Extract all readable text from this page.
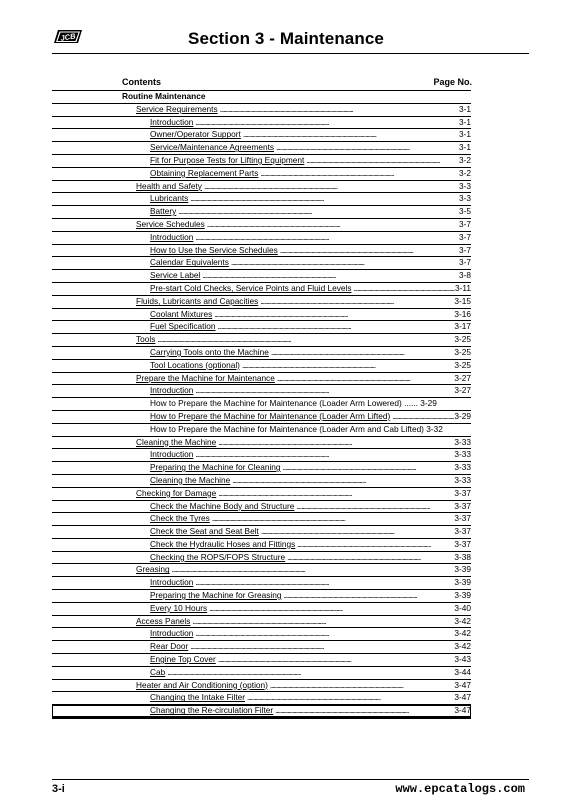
JCB	Section 3 - Maintenance
Contents	Page No.
Routine Maintenance
Service Requirements . . .	3-1
Introduction . . .	3-1
Owner/Operator Support . . .	3-1
Service/Maintenance Agreements . . .	3-1
Fit for Purpose Tests for Lifting Equipment . . .	3-2
Obtaining Replacement Parts . . .	3-2
Health and Safety . . .	3-3
Lubricants . . .	3-3
Battery . . .	3-5
Service Schedules . . .	3-7
Introduction . . .	3-7
How to Use the Service Schedules . . .	3-7
Calendar Equivalents . . .	3-7
Service Label . . .	3-8
Pre-start Cold Checks, Service Points and Fluid Levels . . .	3-11
Fluids, Lubricants and Capacities . . .	3-15
Coolant Mixtures . . .	3-16
Fuel Specification . . .	3-17
Tools . . .	3-25
Carrying Tools onto the Machine . . .	3-25
Tool Locations (optional) . . .	3-25
Prepare the Machine for Maintenance . . .	3-27
Introduction . . .	3-27
How to Prepare the Machine for Maintenance (Loader Arm Lowered) ...... 3-29
How to Prepare the Machine for Maintenance (Loader Arm Lifted) . . .	3-29
How to Prepare the Machine for Maintenance (Loader Arm and Cab Lifted) 3-32
Cleaning the Machine . . .	3-33
Introduction . . .	3-33
Preparing the Machine for Cleaning . . .	3-33
Cleaning the Machine . . .	3-33
Checking for Damage . . .	3-37
Check the Machine Body and Structure . . .	3-37
Check the Tyres . . .	3-37
Check the Seat and Seat Belt . . .	3-37
Check the Hydraulic Hoses and Fittings . . .	3-37
Checking the ROPS/FOPS Structure . . .	3-38
Greasing . . .	3-39
Introduction . . .	3-39
Preparing the Machine for Greasing . . .	3-39
Every 10 Hours . . .	3-40
Access Panels . . .	3-42
Introduction . . .	3-42
Rear Door . . .	3-42
Engine Top Cover . . .	3-43
Cab . . .	3-44
Heater and Air Conditioning (option) . . .	3-47
Changing the Intake Filter . . .	3-47
Changing the Re-circulation Filter . . .	3-47
3-i	www.epcatalogs.com
